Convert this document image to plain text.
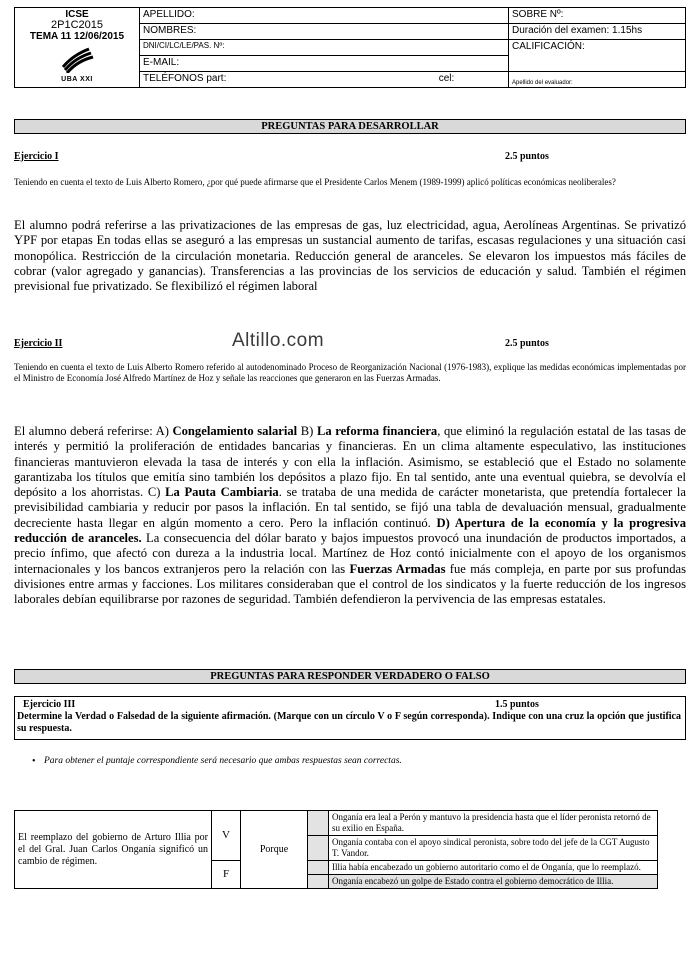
ICSE
2P1C2015
TEMA 11 12/06/2015
UBA XXI	APELLIDO:		SOBRE Nº:
	NOMBRES:		Duración del examen: 1.15hs
	DNI/CI/LC/LE/PAS. Nº:		CALIFICACIÓN:
	E-MAIL:		
	TELÉFONOS part:	cel:	Apellido del evaluador:
PREGUNTAS PARA DESARROLLAR
Ejercicio I	2.5 puntos
Teniendo en cuenta el texto de Luis Alberto Romero, ¿por qué puede afirmarse que el Presidente Carlos Menem (1989-1999) aplicó políticas económicas neoliberales?
El alumno podrá referirse a las privatizaciones de las empresas de gas, luz electricidad, agua, Aerolíneas Argentinas. Se privatizó YPF por etapas En todas ellas se aseguró a las empresas un sustancial aumento de tarifas, escasas regulaciones y una situación casi monopólica. Restricción de la circulación monetaria. Reducción general de aranceles. Se elevaron los impuestos más fáciles de cobrar (valor agregado y ganancias). Transferencias a las provincias de los servicios de educación y salud. También el régimen previsional fue privatizado. Se flexibilizó el régimen laboral
Altillo.com
Ejercicio II	2.5 puntos
Teniendo en cuenta el texto de Luis Alberto Romero referido al autodenominado Proceso de Reorganización Nacional (1976-1983), explique las medidas económicas implementadas por el Ministro de Economía José Alfredo Martínez de Hoz y señale las reacciones que generaron en las Fuerzas Armadas.
El alumno deberá referirse: A) Congelamiento salarial B) La reforma financiera, que eliminó la regulación estatal de las tasas de interés y permitió la proliferación de entidades bancarias y financieras. En un clima altamente especulativo, las instituciones financieras mantuvieron elevada la tasa de interés y con ella la inflación. Asimismo, se estableció que el Estado no solamente garantizaba los títulos que emitía sino también los depósitos a plazo fijo. En tal sentido, ante una eventual quiebra, se devolvía el depósito a los ahorristas. C) La Pauta Cambiaria. se trataba de una medida de carácter monetarista, que pretendía fortalecer la previsibilidad cambiaria y reducir por pasos la inflación. En tal sentido, se fijó una tabla de devaluación mensual, gradualmente decreciente hasta llegar en algún momento a cero. Pero la inflación continuó. D) Apertura de la economía y la progresiva reducción de aranceles. La consecuencia del dólar barato y bajos impuestos provocó una inundación de productos importados, a precio ínfimo, que afectó con dureza a la industria local. Martínez de Hoz contó inicialmente con el apoyo de los organismos internacionales y los bancos extranjeros pero la relación con las Fuerzas Armadas fue más compleja, en parte por sus profundas divisiones entre armas y facciones. Los militares consideraban que el control de los sindicatos y la fuerte reducción de los ingresos laborales debían equilibrarse por razones de seguridad. También defendieron la pervivencia de las empresas estatales.
PREGUNTAS PARA RESPONDER VERDADERO O FALSO
Ejercicio III	1.5 puntos
Determine la Verdad o Falsedad de la siguiente afirmación. (Marque con un círculo V o F según corresponda). Indique con una cruz la opción que justifica su respuesta.
• Para obtener el puntaje correspondiente será necesario que ambas respuestas sean correctas.
El reemplazo del gobierno de Arturo Illia por el del Gral. Juan Carlos Onganía significó un cambio de régimen.	V	Porque		Onganía era leal a Perón y mantuvo la presidencia hasta que el líder peronista retornó de su exilio en España.
				Onganía contaba con el apoyo sindical peronista, sobre todo del jefe de la CGT Augusto T. Vandor.
	F			Illia había encabezado un gobierno autoritario como el de Onganía, que lo reemplazó.
				Onganía encabezó un golpe de Estado contra el gobierno democrático de Illia.
